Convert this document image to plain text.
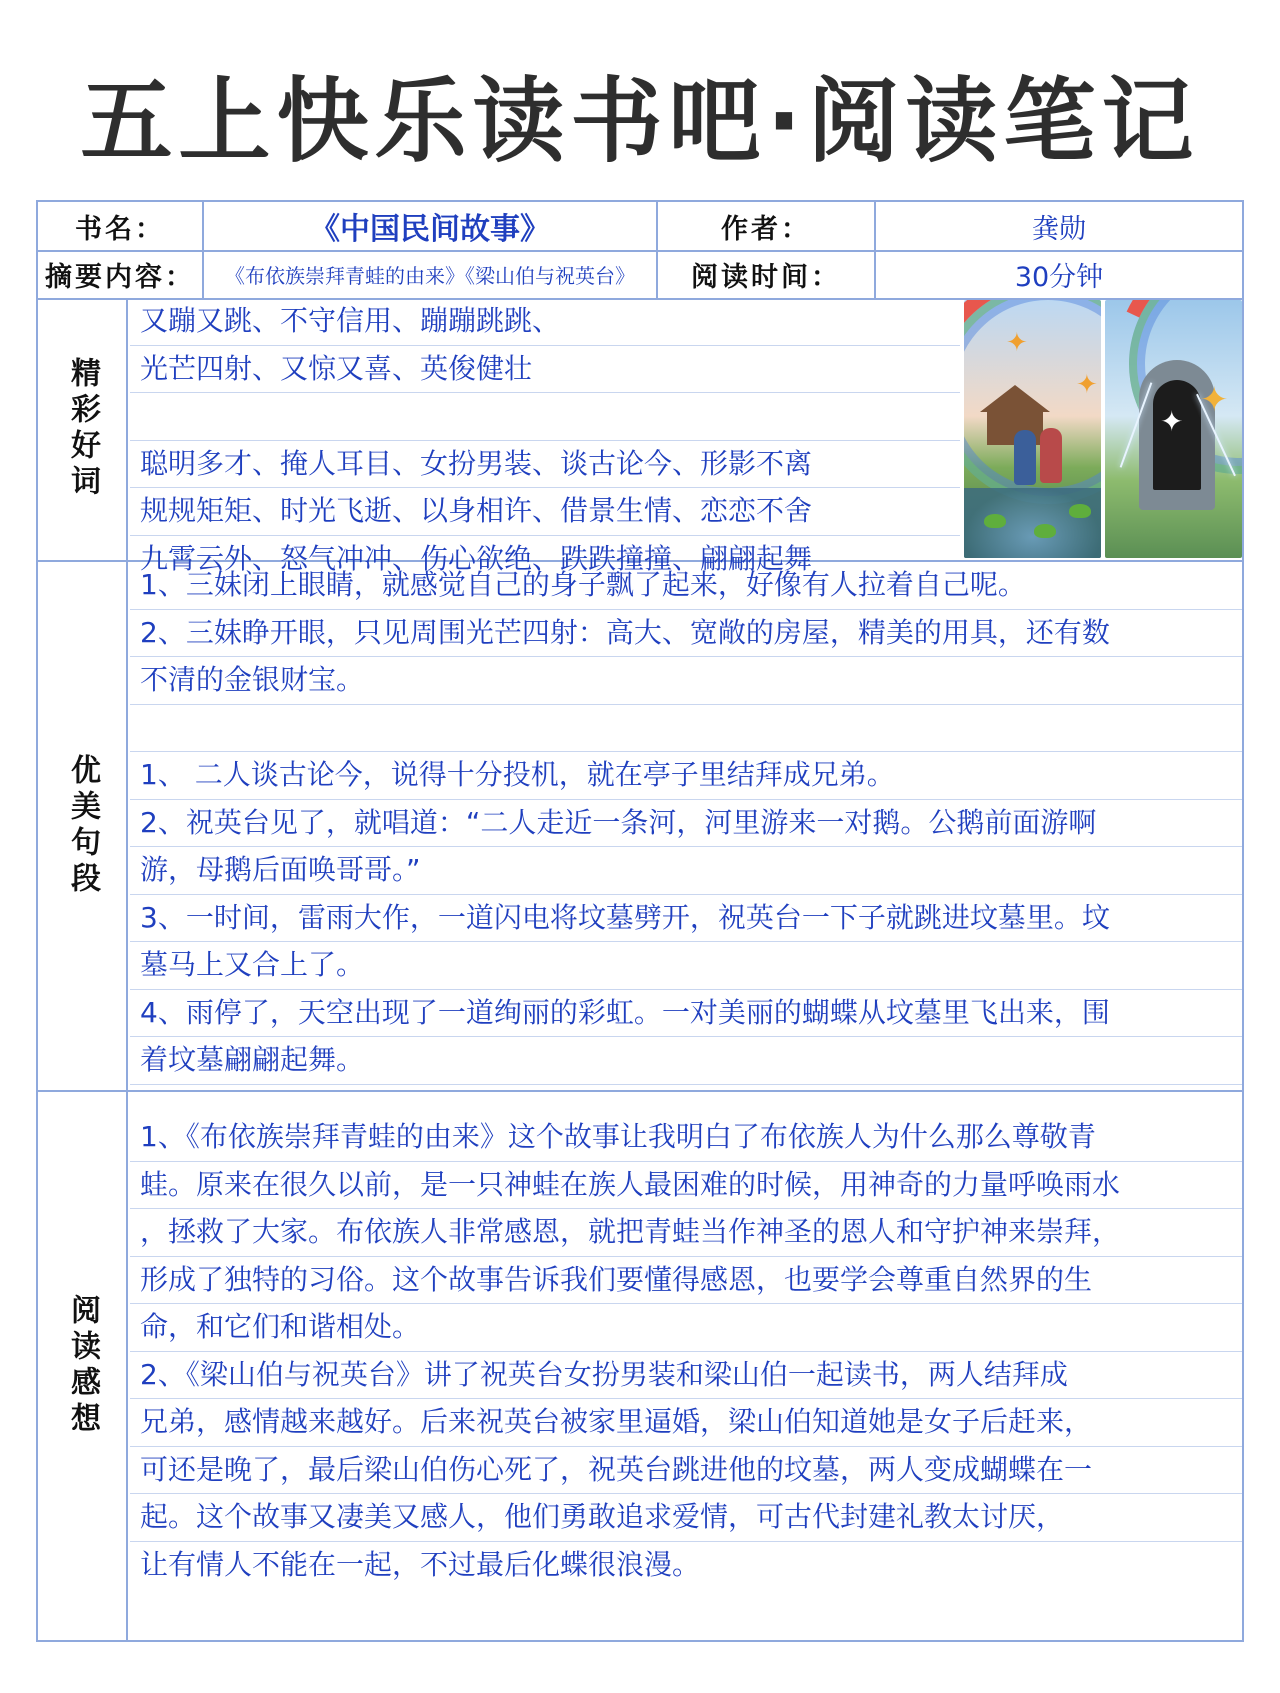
五上快乐读书吧·阅读笔记
书名：	《中国民间故事》	作者：	龚勋
摘要内容： 《布依族崇拜青蛙的由来》《梁山伯与祝英台》 阅读时间：	30分钟
精彩好词
又蹦又跳、不守信用、蹦蹦跳跳、
光芒四射、又惊又喜、英俊健壮
聪明多才、掩人耳目、女扮男装、谈古论今、形影不离
规规矩矩、时光飞逝、以身相许、借景生情、恋恋不舍
九霄云外、怒气冲冲、伤心欲绝、跌跌撞撞、翩翩起舞
✦
✦	✦
✦
优美句段
1、三妹闭上眼睛，就感觉自己的身子飘了起来，好像有人拉着自己呢。
2、三妹睁开眼，只见周围光芒四射：高大、宽敞的房屋，精美的用具，还有数
不清的金银财宝。
1、 二人谈古论今，说得十分投机，就在亭子里结拜成兄弟。
2、祝英台见了，就唱道：“二人走近一条河，河里游来一对鹅。公鹅前面游啊
游，母鹅后面唤哥哥。”
3、一时间，雷雨大作，一道闪电将坟墓劈开，祝英台一下子就跳进坟墓里。坟
墓马上又合上了。
4、雨停了，天空出现了一道绚丽的彩虹。一对美丽的蝴蝶从坟墓里飞出来，围
着坟墓翩翩起舞。
阅读感想
1、《布依族崇拜青蛙的由来》这个故事让我明白了布依族人为什么那么尊敬青
蛙。原来在很久以前，是一只神蛙在族人最困难的时候，用神奇的力量呼唤雨水
，拯救了大家。布依族人非常感恩，就把青蛙当作神圣的恩人和守护神来崇拜，
形成了独特的习俗。这个故事告诉我们要懂得感恩，也要学会尊重自然界的生
命，和它们和谐相处。
2、《梁山伯与祝英台》讲了祝英台女扮男装和梁山伯一起读书，两人结拜成
兄弟，感情越来越好。后来祝英台被家里逼婚，梁山伯知道她是女子后赶来，
可还是晚了，最后梁山伯伤心死了，祝英台跳进他的坟墓，两人变成蝴蝶在一
起。这个故事又凄美又感人，他们勇敢追求爱情，可古代封建礼教太讨厌，
让有情人不能在一起，不过最后化蝶很浪漫。
